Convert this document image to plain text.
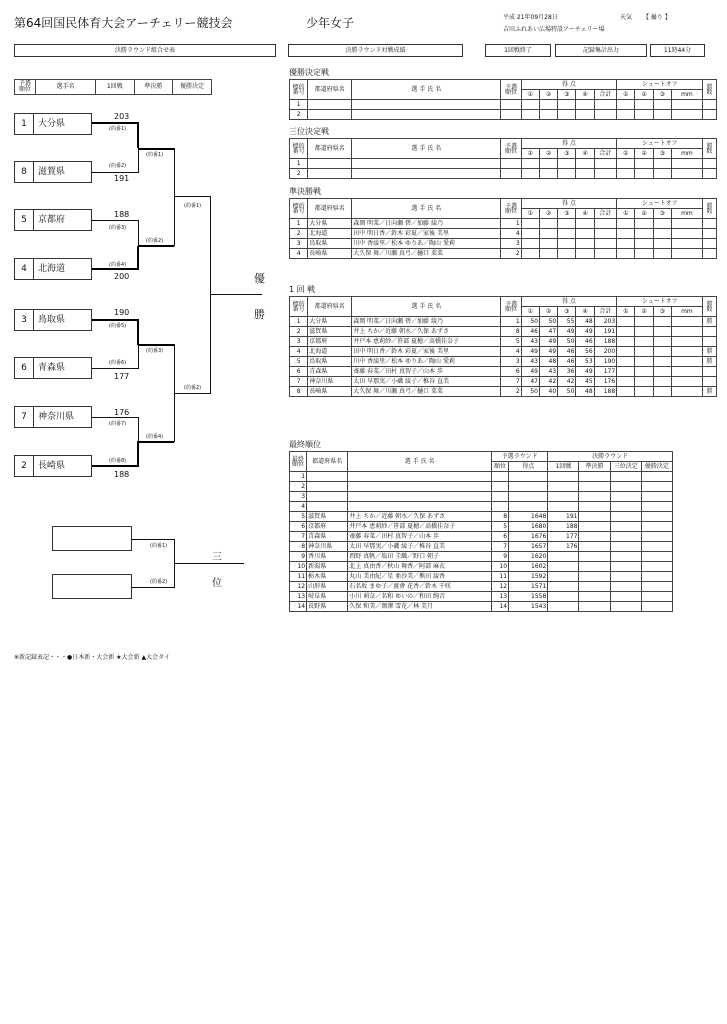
第64回国民体育大会アーチェリー競技会	少年女子	平成 21年09月28日
吉田ふれあい広場特設アーチェリー場
天気 【 曇り 】
決勝ラウンド組合せ表
予選
順位	選手名	1回戦	準決勝	優勝決定
1 大分県
8 滋賀県
5 京都府
4 北海道
3 鳥取県
6 青森県
7 神奈川県
2 長崎県
203
191
188
200
190
177
176
188
(的番1)
(的番2)
(的番3)
(的番4)
(的番5)
(的番6)
(的番7)
(的番8)
(的番1)
(的番2)
(的番3)
(的番4)
(的番1)
(的番2)
優
勝
(的番1)
(的番2)
三
位
決勝ラウンド対戦成績	1回戦終了	記録集計出力	11時44分
優勝決定戦
三位決定戦
準決勝戦
1 回 戦
最終順位
標的
番号	都道府県名	選 手 氏 名	予選
順位	得 点					シュートオフ				勝
敗
				①	②	③	④	合計	①	②	③	mm	
1													
2													
標的
番号	都道府県名	選 手 氏 名	予選
順位	得 点					シュートオフ				勝
敗
				①	②	③	④	合計	①	②	③	mm	
1													
2													
標的
番号	都道府県名	選 手 氏 名	予選
順位	得 点					シュートオフ				勝
敗
				①	②	③	④	合計	①	②	③	mm	
1	大分県	森岡 明菜／日向瀬 碧／加藤 綾乃	1										
2	北海道	田中 明日香／鈴木 彩夏／家後 美里	4										
3	鳥取県	川中 香綾里／松本 ゆりあ／陶山 愛莉	3										
4	長崎県	大久保 舞／川瀬 真弓／樋口 菜菜	2										
標的
番号	都道府県名	選 手 氏 名	予選
順位	得 点					シュートオフ				勝
敗
				①	②	③	④	合計	①	②	③	mm	
1	大分県	森岡 明菜／日向瀬 碧／加藤 綾乃	1	50	50	55	48	203					勝
2	滋賀県	井上 ちか／近藤 朝水／久保 あずさ	8	46	47	49	49	191					
3	京都府	井戸本 恵莉紗／笹部 夏穂／髙橋佳奈子	5	43	49	50	46	188					
4	北海道	田中 明日香／鈴木 彩夏／家後 美里	4	49	49	46	56	200					勝
5	鳥取県	川中 香綾里／松本 ゆりあ／陶山 愛莉	3	43	48	46	53	190					勝
6	青森県	斎藤 春菜／田村 真智子／山本 歩	6	49	43	36	49	177					
7	神奈川県	太田 早那実／小磯 綾子／椎谷 直美	7	47	42	42	45	176					
8	長崎県	大久保 舞／川瀬 真弓／樋口 菜菜	2	50	40	50	48	188					勝
最終
順位	都道府県名	選 手 氏 名	予選ラウンド		決勝ラウンド			
			順位	得点	1回戦	準決勝	三位決定	優勝決定
1								
2								
3								
4								
5	滋賀県	井上 ちか／近藤 朝水／久保 あずさ	8	1648	191			
6	京都府	井戸本 恵莉紗／笹部 夏穂／髙橋佳奈子	5	1680	188			
7	青森県	斎藤 春菜／田村 真智子／山本 歩	6	1676	177			
8	神奈川県	太田 早那実／小磯 綾子／椎谷 直美	7	1657	176			
9	香川県	西野 真帆／塩田 圭織／野口 朝子	9	1620				
10	新潟県	北上 真由香／秋山 舞香／阿部 麻衣	10	1602				
11	栃木県	丸山 美由紀／星 亜沙美／熊田 綾香	11	1592				
12	山形県	石名坂 まゆ子／渡會 花香／鈴木 千咲	12	1571				
13	岐阜県	小川 莉奈／名和 ゆいの／和田 絢音	13	1558				
14	長野県	久保 和美／岡澤 雪花／林 美月	14	1543				
※新記録表記・・・●日本新・大会新 ★大会新 ▲大会タイ
